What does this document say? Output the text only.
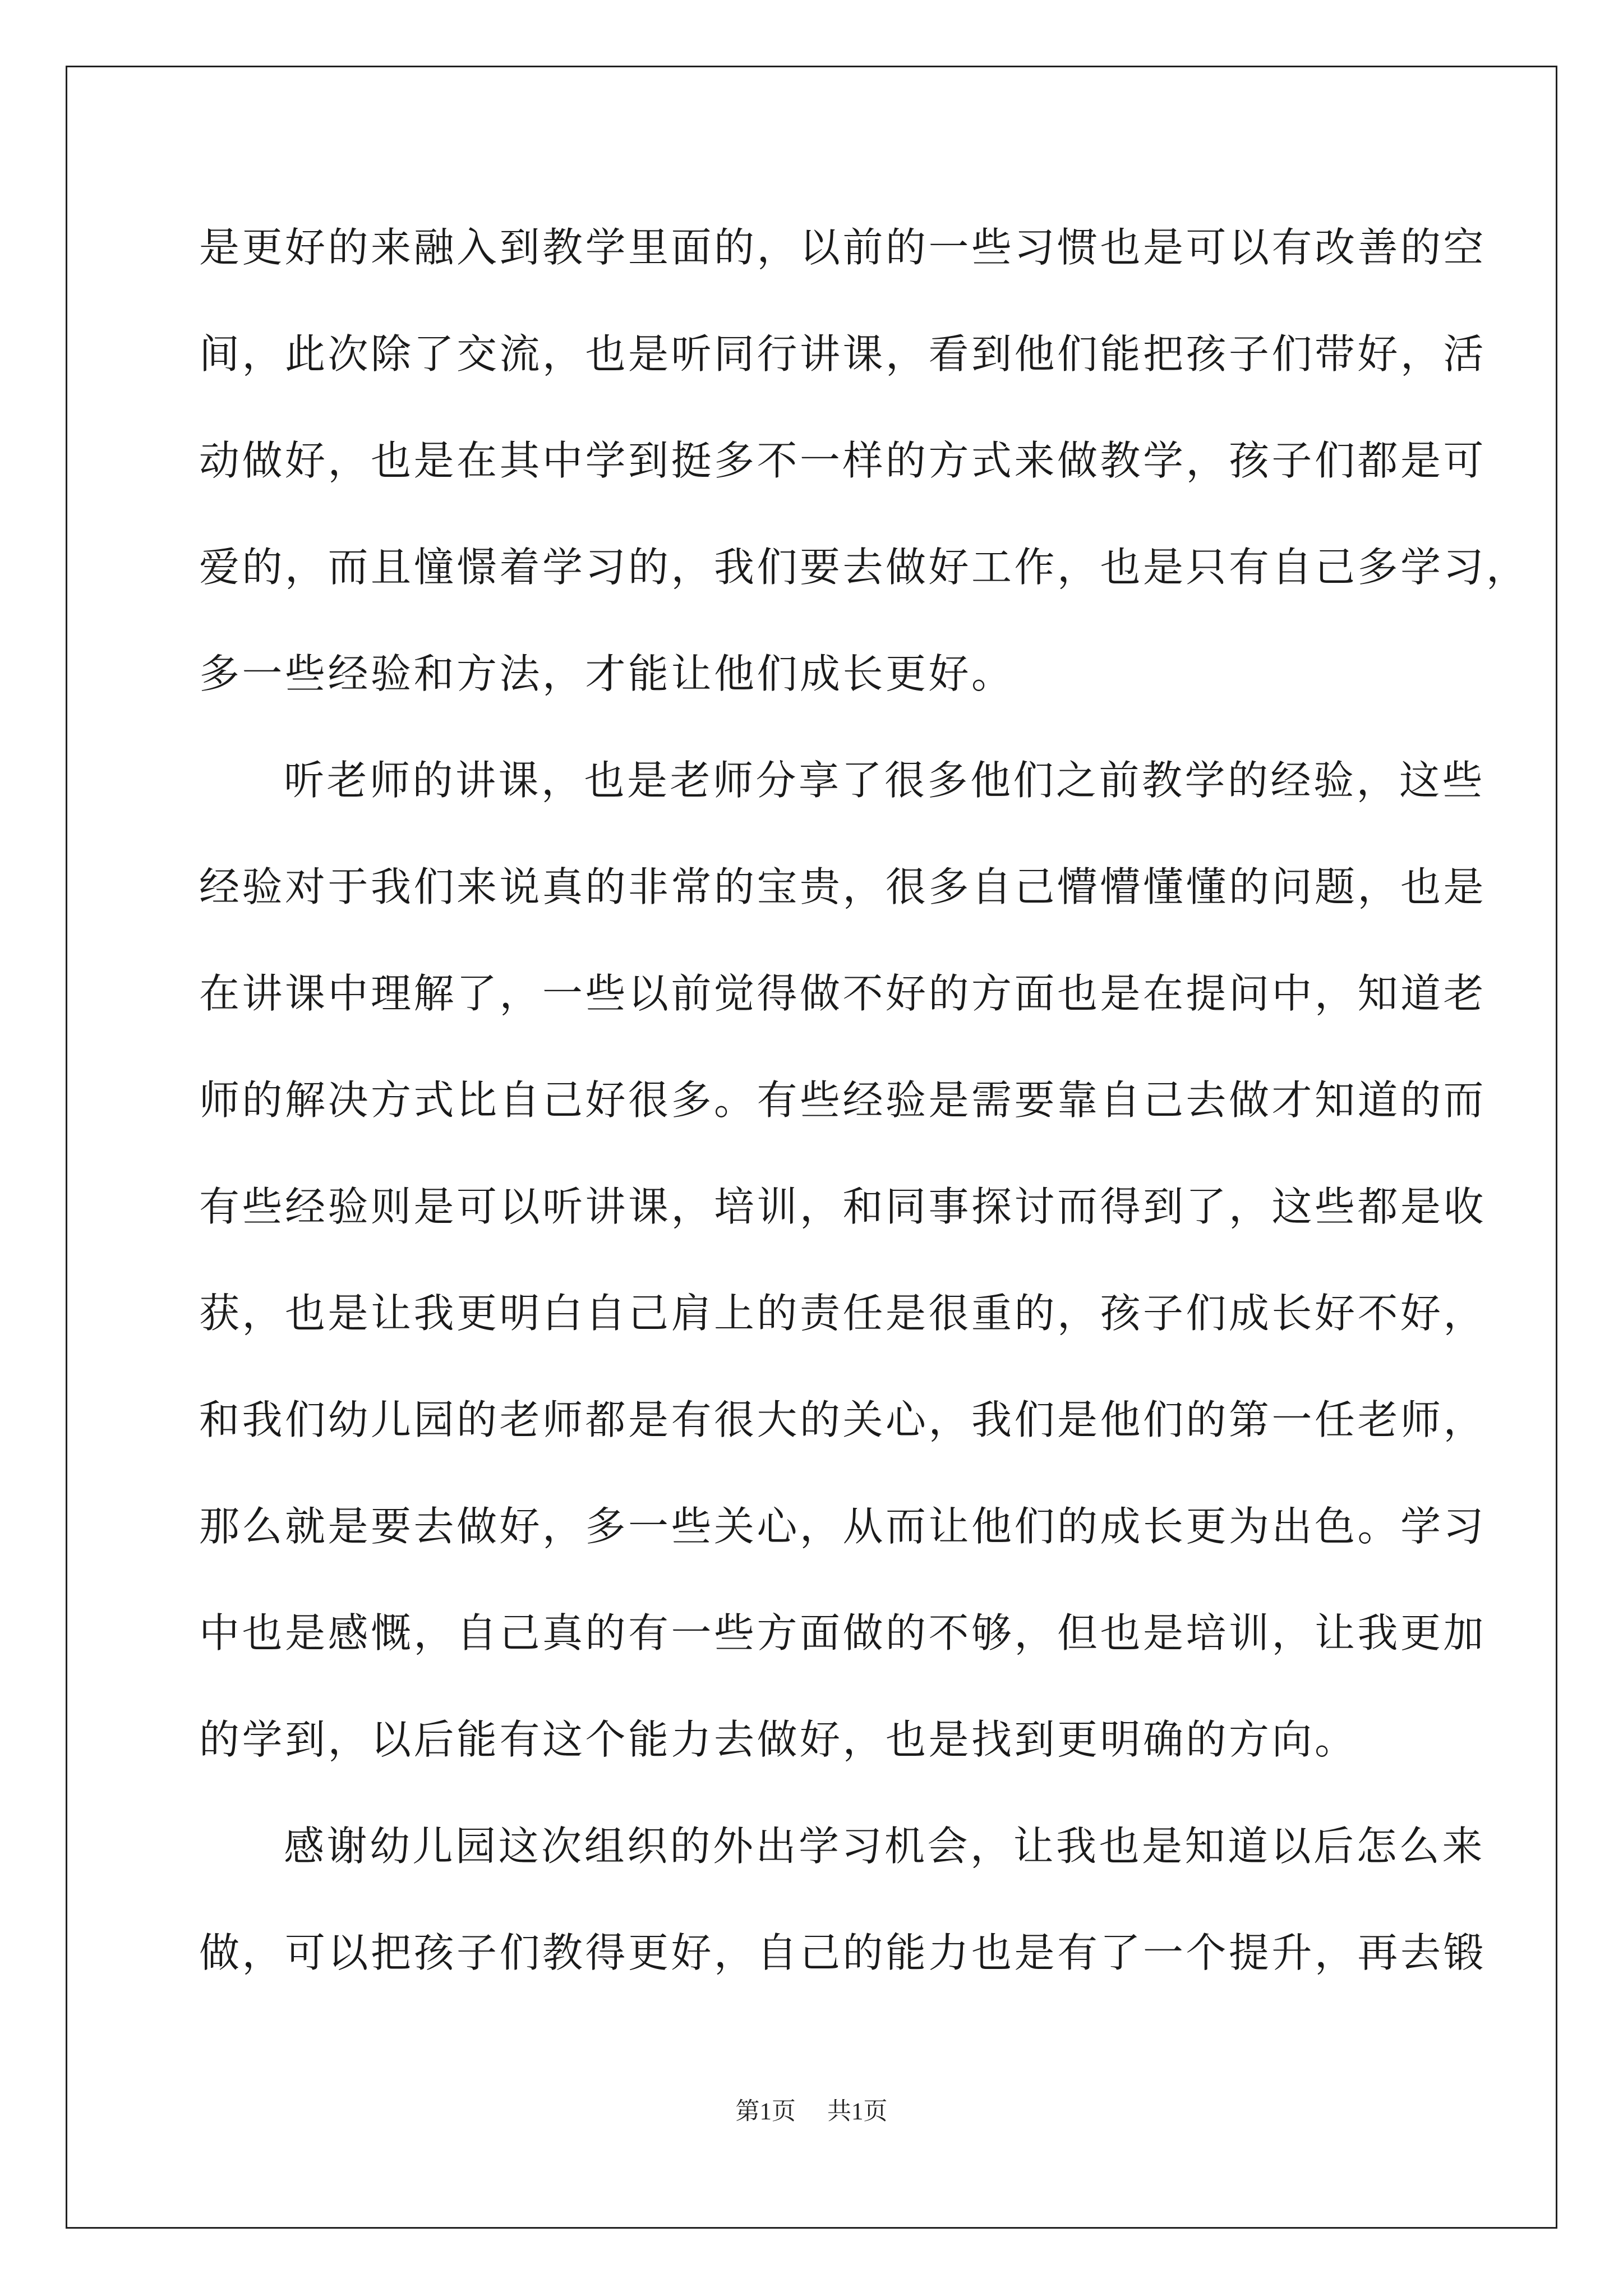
是更好的来融入到教学里面的，以前的一些习惯也是可以有改善的空
间，此次除了交流，也是听同行讲课，看到他们能把孩子们带好，活
动做好，也是在其中学到挺多不一样的方式来做教学，孩子们都是可
爱的，而且憧憬着学习的，我们要去做好工作，也是只有自己多学习，
多一些经验和方法，才能让他们成长更好。
听老师的讲课，也是老师分享了很多他们之前教学的经验，这些
经验对于我们来说真的非常的宝贵，很多自己懵懵懂懂的问题，也是
在讲课中理解了，一些以前觉得做不好的方面也是在提问中，知道老
师的解决方式比自己好很多。有些经验是需要靠自己去做才知道的而
有些经验则是可以听讲课，培训，和同事探讨而得到了，这些都是收
获，也是让我更明白自己肩上的责任是很重的，孩子们成长好不好，
和我们幼儿园的老师都是有很大的关心，我们是他们的第一任老师，
那么就是要去做好，多一些关心，从而让他们的成长更为出色。学习
中也是感慨，自己真的有一些方面做的不够，但也是培训，让我更加
的学到，以后能有这个能力去做好，也是找到更明确的方向。
感谢幼儿园这次组织的外出学习机会，让我也是知道以后怎么来
做，可以把孩子们教得更好，自己的能力也是有了一个提升，再去锻
第1页 共1页
